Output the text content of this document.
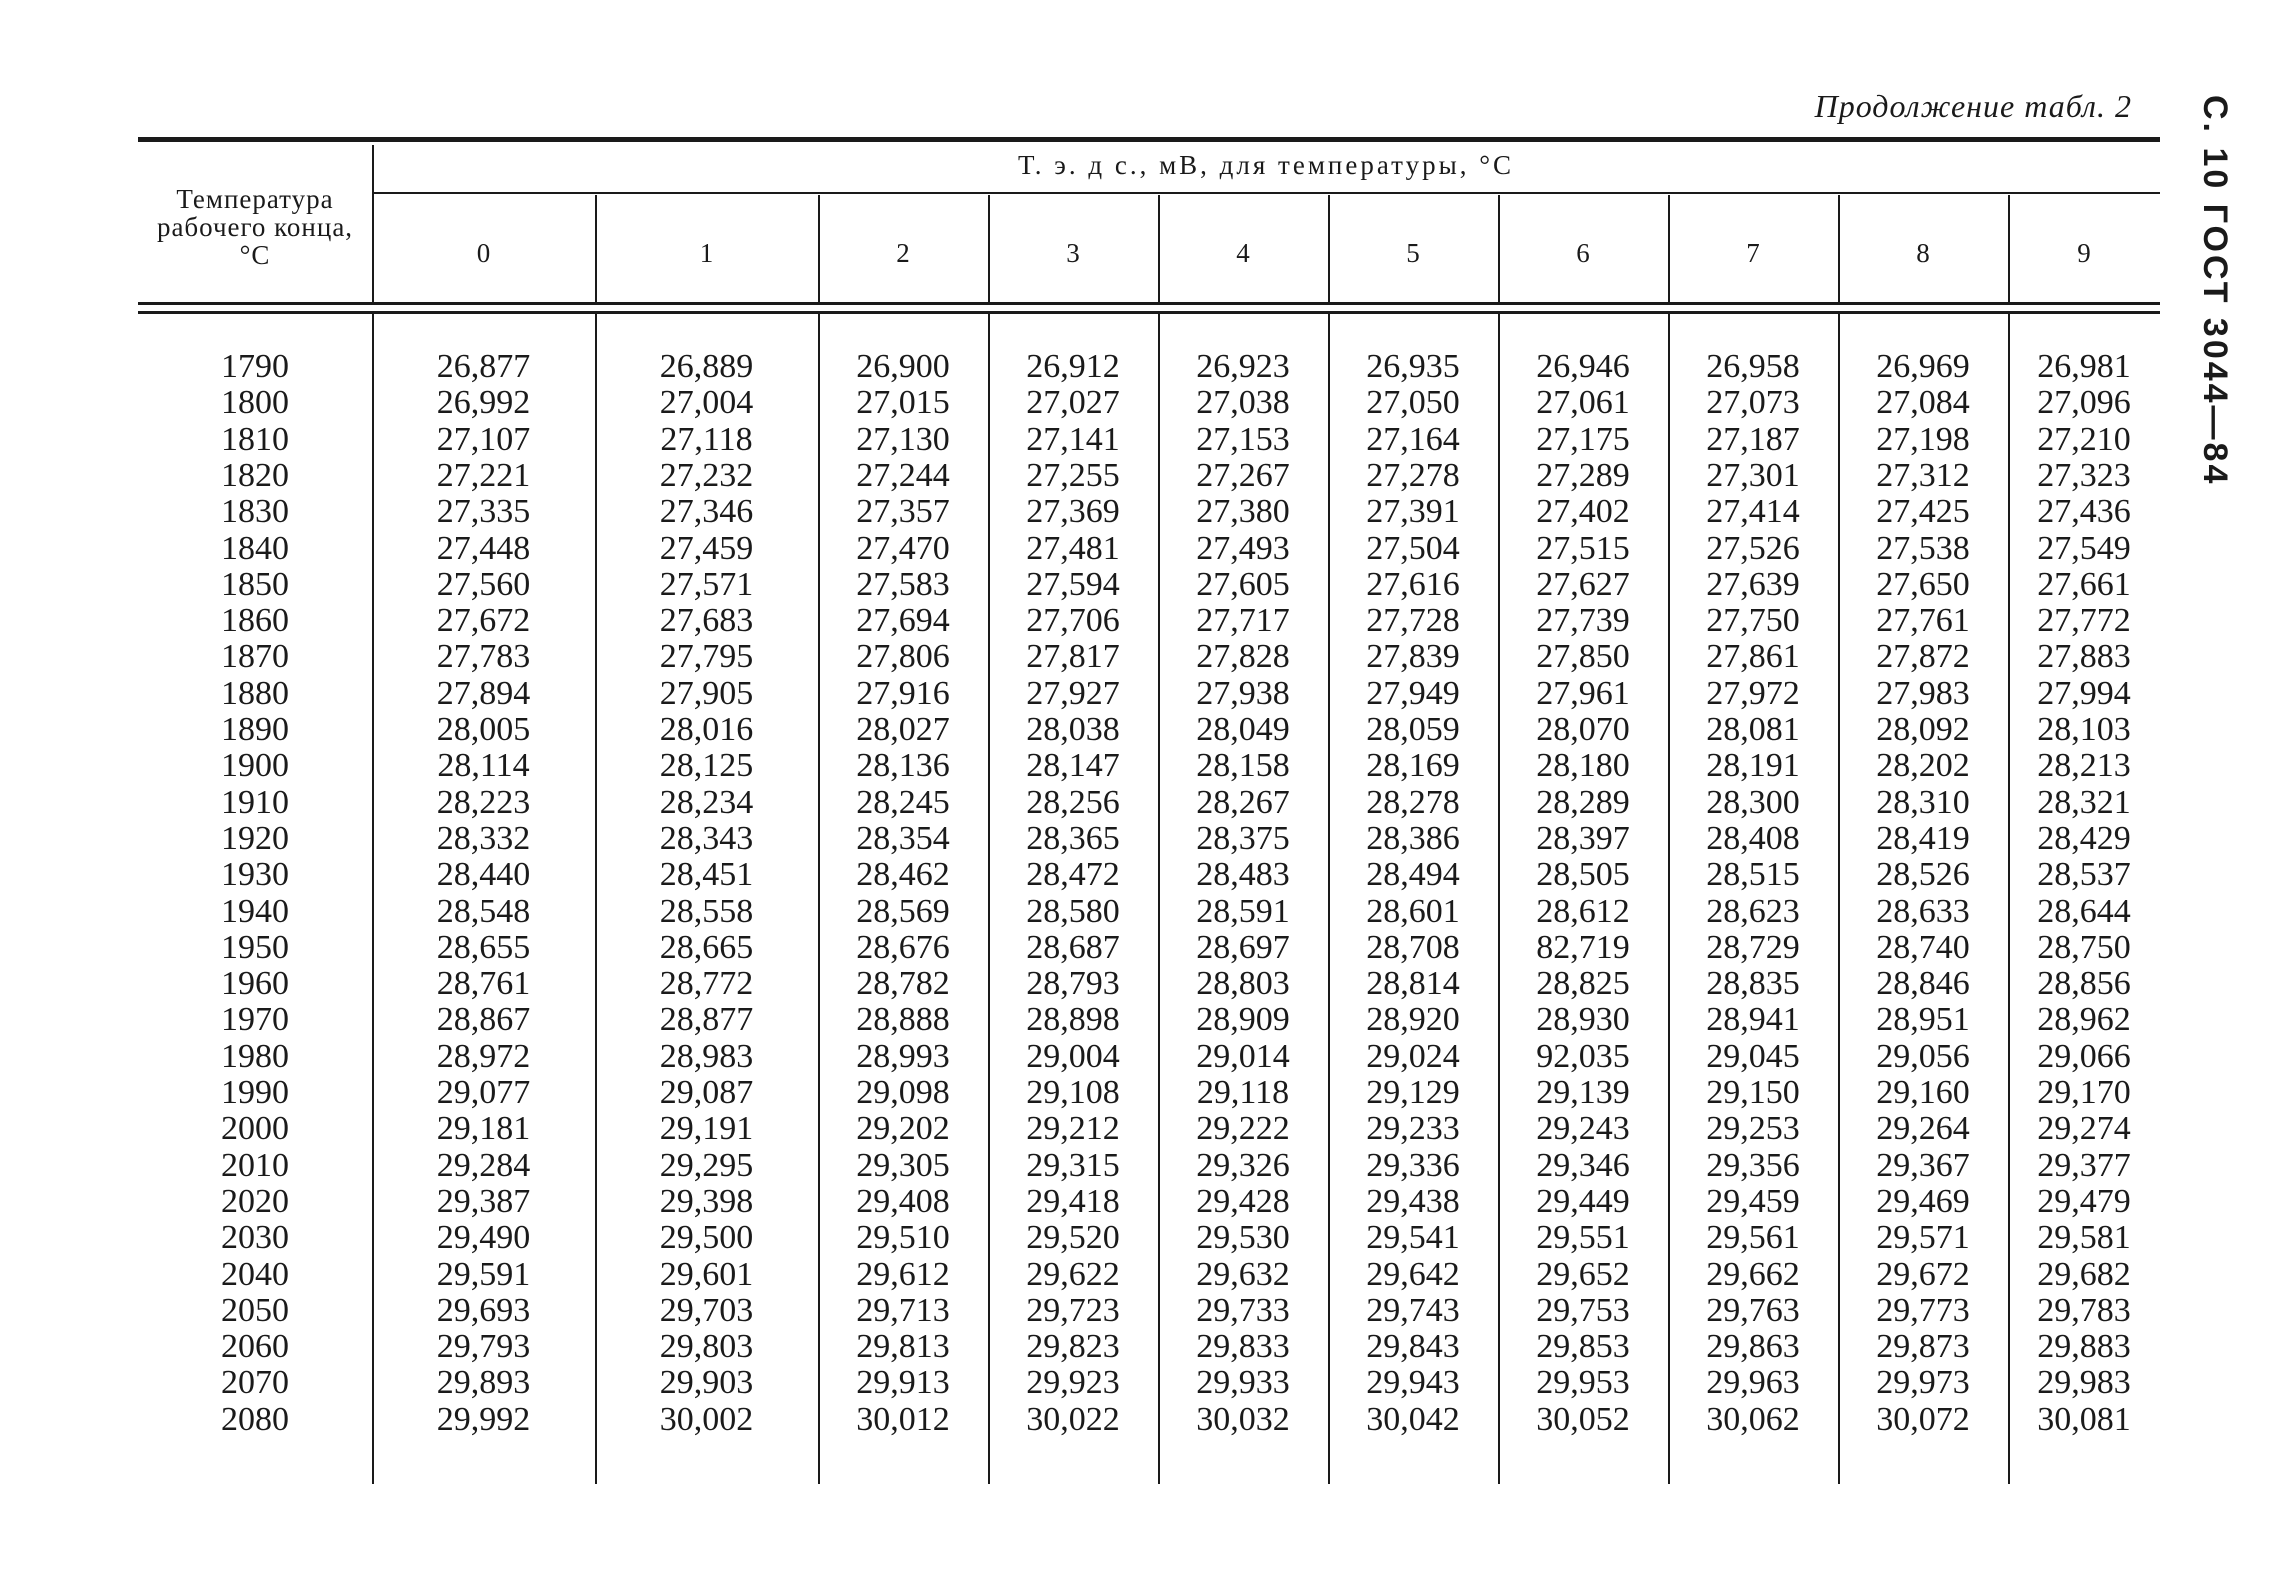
Продолжение табл. 2 С. 10 ГОСТ 3044—84
Температура рабочего конца, °С
Т. э. д с., мВ, для температуры, °С
0	1	2	3	4	5	6	7	8	9
1790	26,877	26,889	26,900	26,912	26,923	26,935	26,946	26,958	26,969	26,981
1800	26,992	27,004	27,015	27,027	27,038	27,050	27,061	27,073	27,084	27,096
1810	27,107	27,118	27,130	27,141	27,153	27,164	27,175	27,187	27,198	27,210
1820	27,221	27,232	27,244	27,255	27,267	27,278	27,289	27,301	27,312	27,323
1830	27,335	27,346	27,357	27,369	27,380	27,391	27,402	27,414	27,425	27,436
1840	27,448	27,459	27,470	27,481	27,493	27,504	27,515	27,526	27,538	27,549
1850	27,560	27,571	27,583	27,594	27,605	27,616	27,627	27,639	27,650	27,661
1860	27,672	27,683	27,694	27,706	27,717	27,728	27,739	27,750	27,761	27,772
1870	27,783	27,795	27,806	27,817	27,828	27,839	27,850	27,861	27,872	27,883
1880	27,894	27,905	27,916	27,927	27,938	27,949	27,961	27,972	27,983	27,994
1890	28,005	28,016	28,027	28,038	28,049	28,059	28,070	28,081	28,092	28,103
1900	28,114	28,125	28,136	28,147	28,158	28,169	28,180	28,191	28,202	28,213
1910	28,223	28,234	28,245	28,256	28,267	28,278	28,289	28,300	28,310	28,321
1920	28,332	28,343	28,354	28,365	28,375	28,386	28,397	28,408	28,419	28,429
1930	28,440	28,451	28,462	28,472	28,483	28,494	28,505	28,515	28,526	28,537
1940	28,548	28,558	28,569	28,580	28,591	28,601	28,612	28,623	28,633	28,644
1950	28,655	28,665	28,676	28,687	28,697	28,708	82,719	28,729	28,740	28,750
1960	28,761	28,772	28,782	28,793	28,803	28,814	28,825	28,835	28,846	28,856
1970	28,867	28,877	28,888	28,898	28,909	28,920	28,930	28,941	28,951	28,962
1980	28,972	28,983	28,993	29,004	29,014	29,024	92,035	29,045	29,056	29,066
1990	29,077	29,087	29,098	29,108	29,118	29,129	29,139	29,150	29,160	29,170
2000	29,181	29,191	29,202	29,212	29,222	29,233	29,243	29,253	29,264	29,274
2010	29,284	29,295	29,305	29,315	29,326	29,336	29,346	29,356	29,367	29,377
2020	29,387	29,398	29,408	29,418	29,428	29,438	29,449	29,459	29,469	29,479
2030	29,490	29,500	29,510	29,520	29,530	29,541	29,551	29,561	29,571	29,581
2040	29,591	29,601	29,612	29,622	29,632	29,642	29,652	29,662	29,672	29,682
2050	29,693	29,703	29,713	29,723	29,733	29,743	29,753	29,763	29,773	29,783
2060	29,793	29,803	29,813	29,823	29,833	29,843	29,853	29,863	29,873	29,883
2070	29,893	29,903	29,913	29,923	29,933	29,943	29,953	29,963	29,973	29,983
2080	29,992	30,002	30,012	30,022	30,032	30,042	30,052	30,062	30,072	30,081
